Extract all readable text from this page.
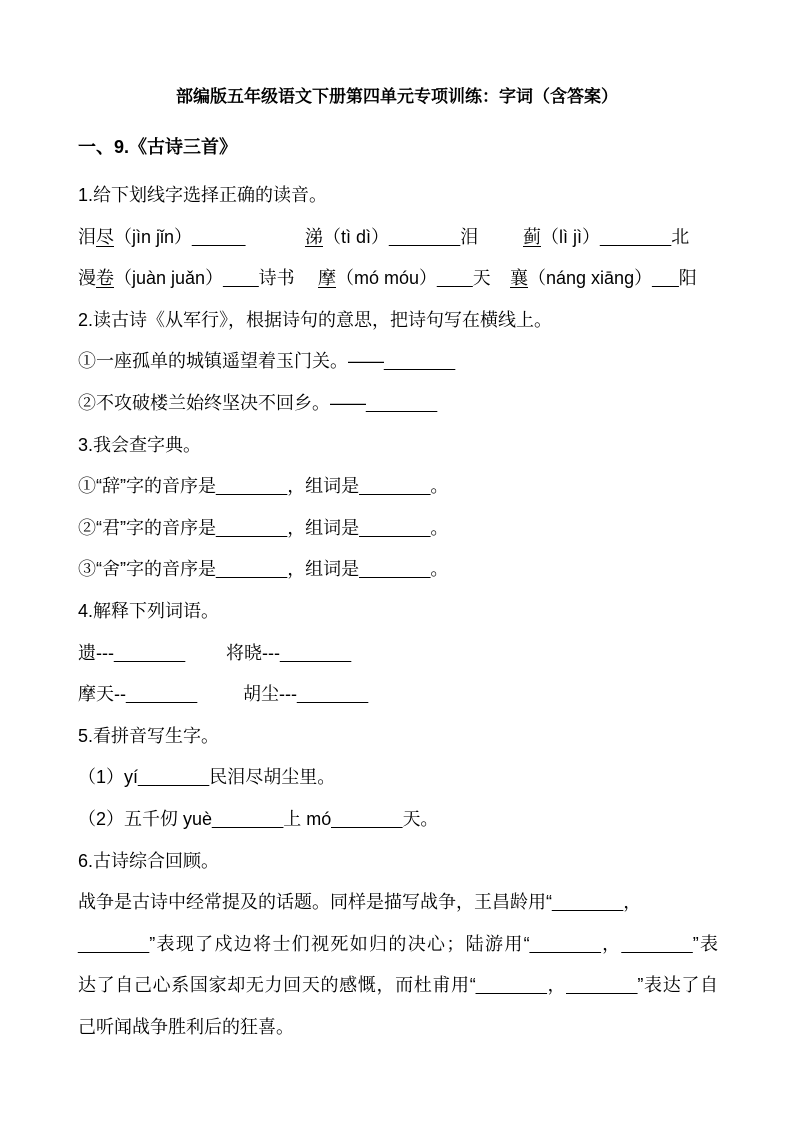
部编版五年级语文下册第四单元专项训练：字词（含答案）
一、9.《古诗三首》
1.给下划线字选择正确的读音。
泪尽（jìn jǐn）______	涕（tì dì）________泪 蓟（lì jì）________北
漫卷（juàn juǎn）____诗书 摩（mó móu）____天 襄（náng xiāng）___阳
2.读古诗《从军行》，根据诗句的意思，把诗句写在横线上。
①一座孤单的城镇遥望着玉门关。——________
②不攻破楼兰始终坚决不回乡。——________
3.我会查字典。
①“辞”字的音序是________，组词是________。
②“君”字的音序是________，组词是________。
③“舍”字的音序是________，组词是________。
4.解释下列词语。
遗---________ 将晓---________
摩天--________	胡尘---________
5.看拼音写生字。
（1）yí________民泪尽胡尘里。
（2）五千仞 yuè________上 mó________天。
6.古诗综合回顾。
战争是古诗中经常提及的话题。同样是描写战争，王昌龄用“________，
________”表现了戍边将士们视死如归的决心；陆游用“________，________”表
达了自己心系国家却无力回天的感慨，而杜甫用“________，________”表达了自
己听闻战争胜利后的狂喜。
